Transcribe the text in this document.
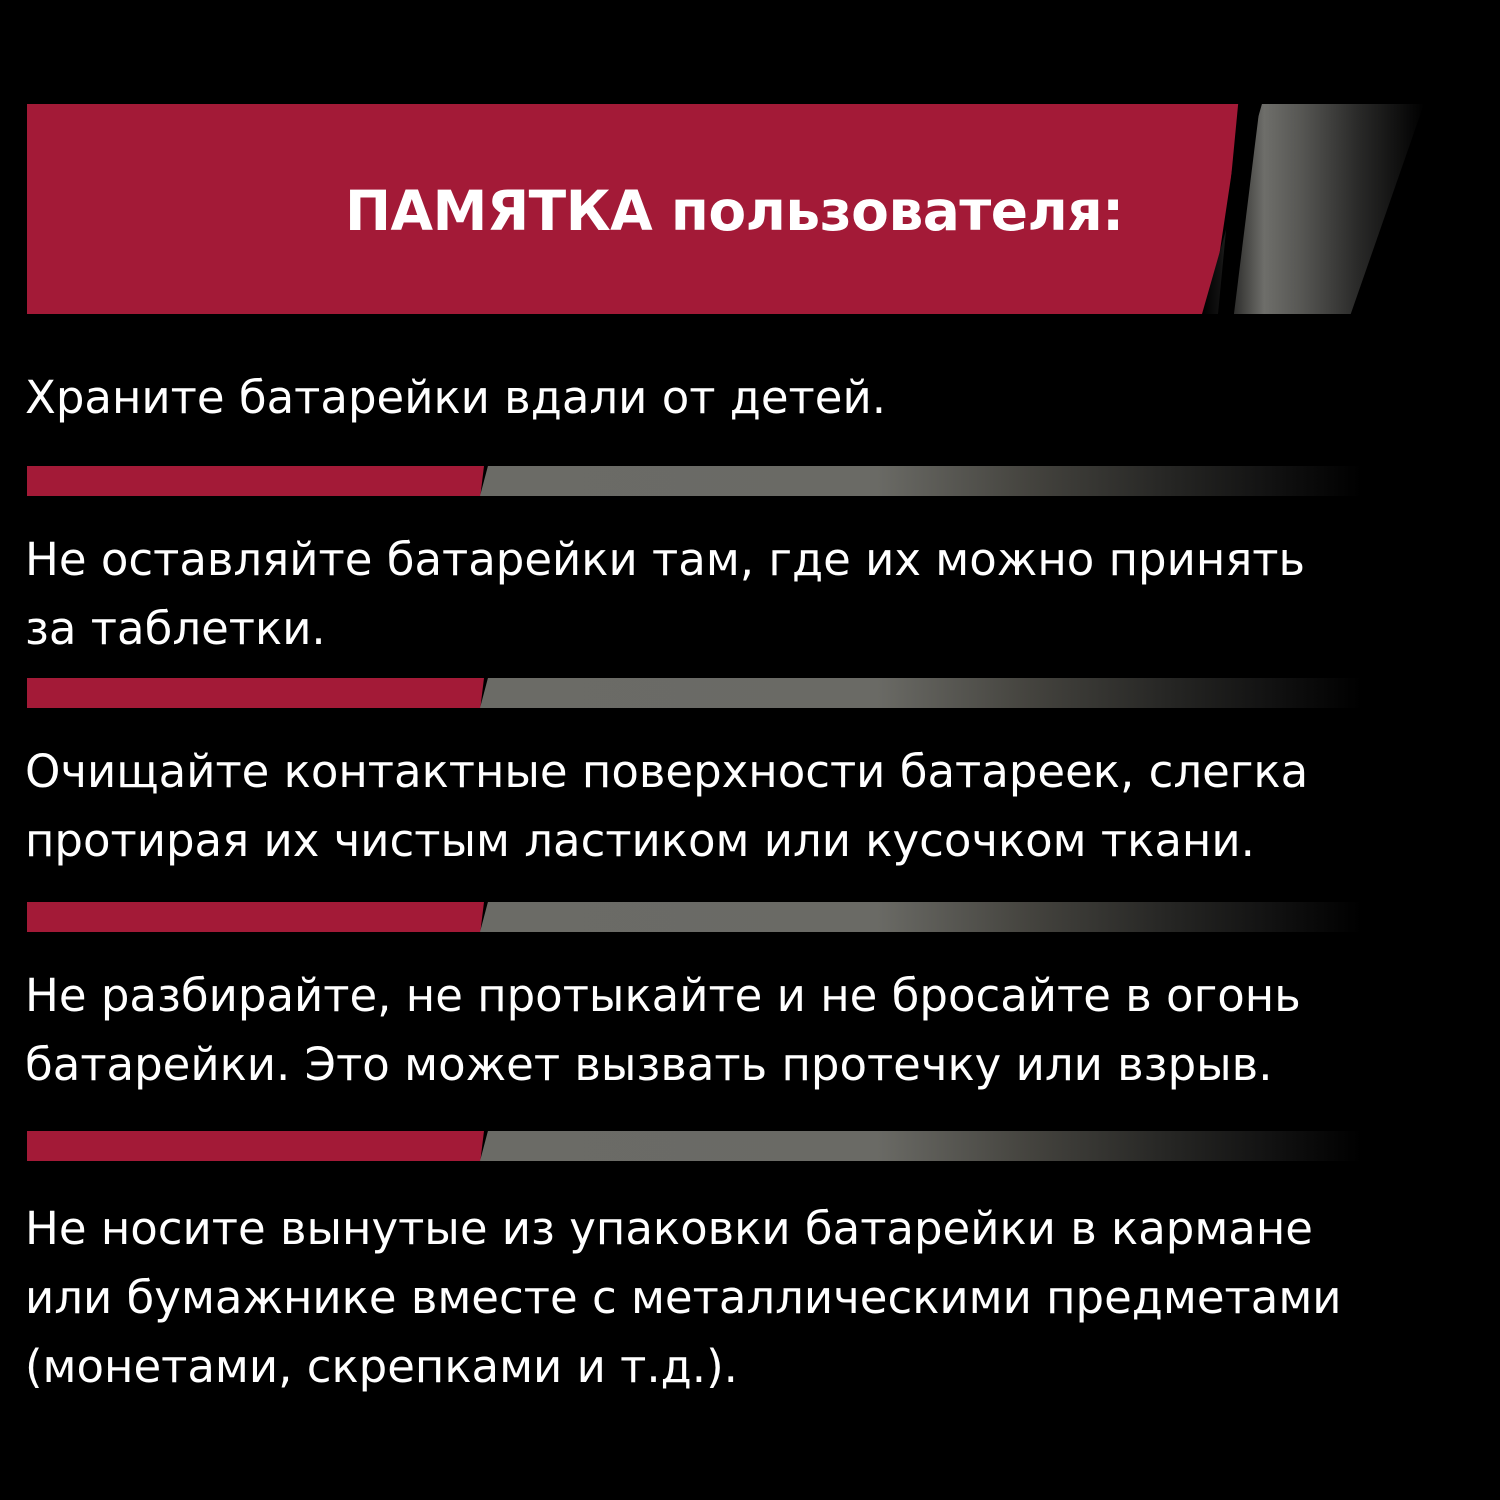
ПАМЯТКА пользователя:
Храните батарейки вдали от детей.
Не оставляйте батарейки там, где их можно принять
за таблетки.
Очищайте контактные поверхности батареек, слегка
протирая их чистым ластиком или кусочком ткани.
Не разбирайте, не протыкайте и не бросайте в огонь
батарейки. Это может вызвать протечку или взрыв.
Не носите вынутые из упаковки батарейки в кармане
или бумажнике вместе с металлическими предметами
(монетами, скрепками и т.д.).
